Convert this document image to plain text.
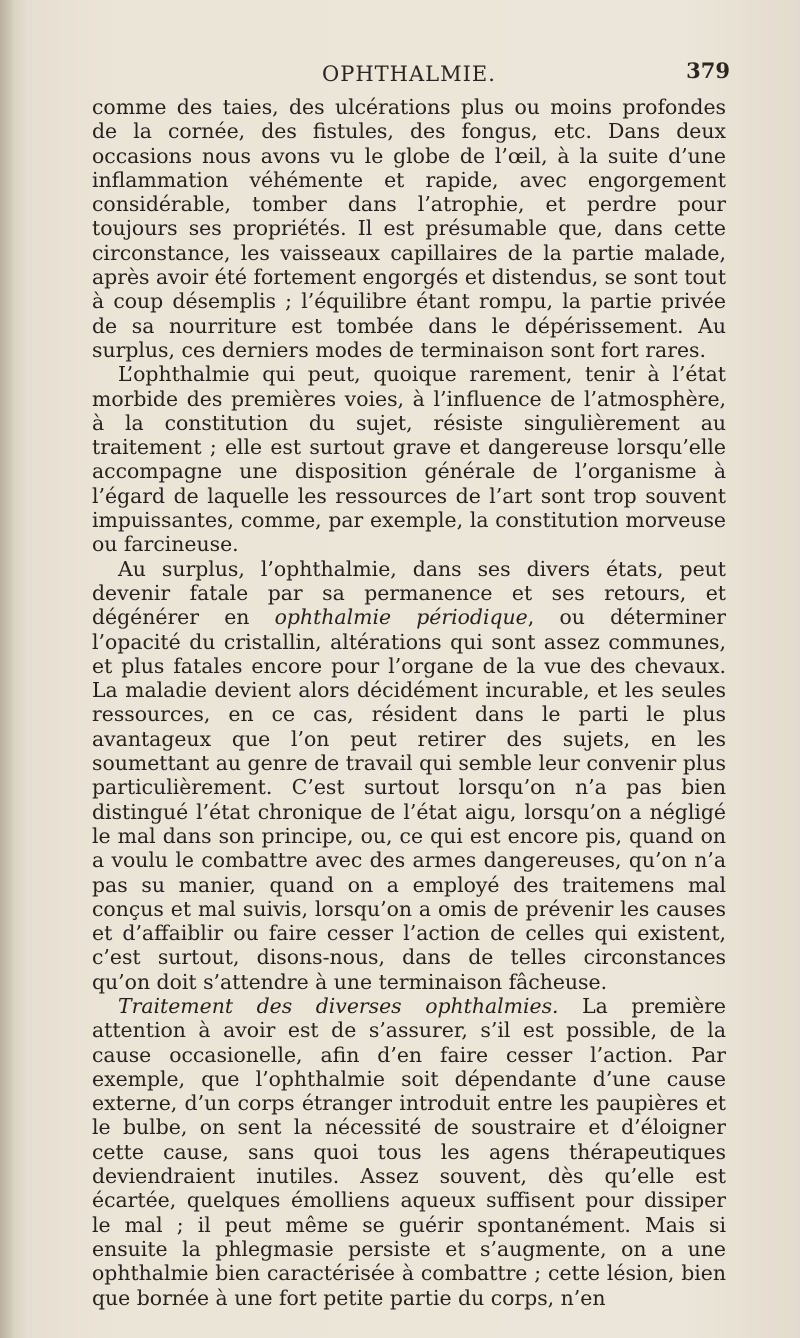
OPHTHALMIE.	379

comme des taies, des ulcérations plus ou moins profondes de la cornée, des fistules, des fongus, etc. Dans deux occasions nous avons vu le globe de l’œil, à la suite d’une inflammation véhémente et rapide, avec engorgement considérable, tomber dans l’atrophie, et perdre pour toujours ses propriétés. Il est présumable que, dans cette circonstance, les vaisseaux capillaires de la partie malade, après avoir été fortement engorgés et distendus, se sont tout à coup désemplis ; l’équilibre étant rompu, la partie privée de sa nourriture est tombée dans le dépérissement. Au surplus, ces derniers modes de terminaison sont fort rares.

L’ophthalmie qui peut, quoique rarement, tenir à l’état morbide des premières voies, à l’influence de l’atmosphère, à la constitution du sujet, résiste singulièrement au traitement ; elle est surtout grave et dangereuse lorsqu’elle accompagne une disposition générale de l’organisme à l’égard de laquelle les ressources de l’art sont trop souvent impuissantes, comme, par exemple, la constitution morveuse ou farcineuse.

Au surplus, l’ophthalmie, dans ses divers états, peut devenir fatale par sa permanence et ses retours, et dégénérer en ophthalmie périodique, ou déterminer l’opacité du cristallin, altérations qui sont assez communes, et plus fatales encore pour l’organe de la vue des chevaux. La maladie devient alors décidément incurable, et les seules ressources, en ce cas, résident dans le parti le plus avantageux que l’on peut retirer des sujets, en les soumettant au genre de travail qui semble leur convenir plus particulièrement. C’est surtout lorsqu’on n’a pas bien distingué l’état chronique de l’état aigu, lorsqu’on a négligé le mal dans son principe, ou, ce qui est encore pis, quand on a voulu le combattre avec des armes dangereuses, qu’on n’a pas su manier, quand on a employé des traitemens mal conçus et mal suivis, lorsqu’on a omis de prévenir les causes et d’affaiblir ou faire cesser l’action de celles qui existent, c’est surtout, disons-nous, dans de telles circonstances qu’on doit s’attendre à une terminaison fâcheuse.

Traitement des diverses ophthalmies. La première attention à avoir est de s’assurer, s’il est possible, de la cause occasionelle, afin d’en faire cesser l’action. Par exemple, que l’ophthalmie soit dépendante d’une cause externe, d’un corps étranger introduit entre les paupières et le bulbe, on sent la nécessité de soustraire et d’éloigner cette cause, sans quoi tous les agens thérapeutiques deviendraient inutiles. Assez souvent, dès qu’elle est écartée, quelques émolliens aqueux suffisent pour dissiper le mal ; il peut même se guérir spontanément. Mais si ensuite la phlegmasie persiste et s’augmente, on a une ophthalmie bien caractérisée à combattre ; cette lésion, bien que bornée à une fort petite partie du corps, n’en
